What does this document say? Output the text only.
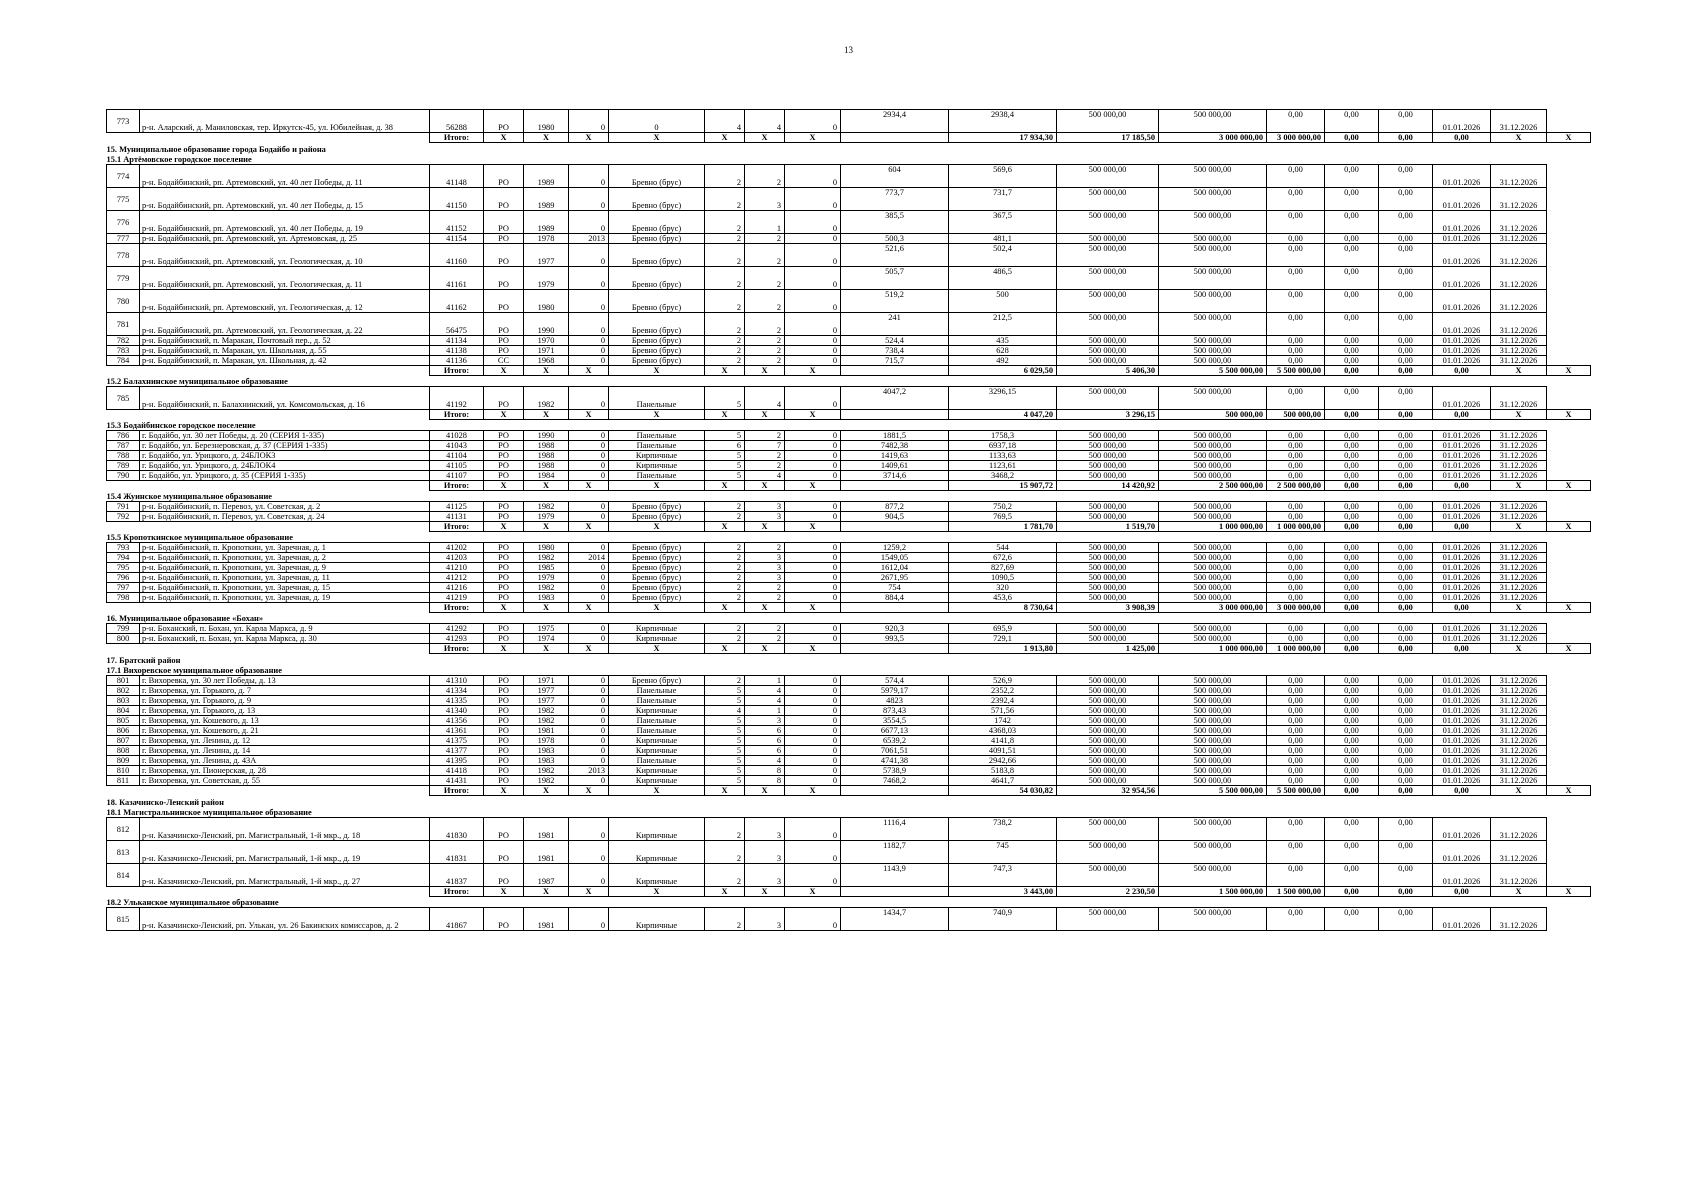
13
773	р-н. Аларский, д. Маниловская, тер. Иркутск-45, ул. Юбилейная, д. 38	56288	РО	1980	0	0	4	4	0	2934,4	2938,4	500 000,00	500 000,00	0,00	0,00	0,00	01.01.2026	31.12.2026	
		Итого:	X	X	X	X	X	X	X		17 934,30	17 185,50	3 000 000,00	3 000 000,00	0,00	0,00	0,00	X	X
15. Муниципальное образование города Бодайбо и района																			
15.1 Артёмовское городское поселение																			
774	р-н. Бодайбинский, рп. Артемовский, ул. 40 лет Победы, д. 11	41148	РО	1989	0	Бревно (брус)	2	2	0	604	569,6	500 000,00	500 000,00	0,00	0,00	0,00	01.01.2026	31.12.2026	
775	р-н. Бодайбинский, рп. Артемовский, ул. 40 лет Победы, д. 15	41150	РО	1989	0	Бревно (брус)	2	3	0	773,7	731,7	500 000,00	500 000,00	0,00	0,00	0,00	01.01.2026	31.12.2026	
776	р-н. Бодайбинский, рп. Артемовский, ул. 40 лет Победы, д. 19	41152	РО	1989	0	Бревно (брус)	2	1	0	385,5	367,5	500 000,00	500 000,00	0,00	0,00	0,00	01.01.2026	31.12.2026	
777	р-н. Бодайбинский, рп. Артемовский, ул. Артемовская, д. 25	41154	РО	1978	2013	Бревно (брус)	2	2	0	500,3	481,1	500 000,00	500 000,00	0,00	0,00	0,00	01.01.2026	31.12.2026	
778	р-н. Бодайбинский, рп. Артемовский, ул. Геологическая, д. 10	41160	РО	1977	0	Бревно (брус)	2	2	0	521,6	502,4	500 000,00	500 000,00	0,00	0,00	0,00	01.01.2026	31.12.2026	
779	р-н. Бодайбинский, рп. Артемовский, ул. Геологическая, д. 11	41161	РО	1979	0	Бревно (брус)	2	2	0	505,7	486,5	500 000,00	500 000,00	0,00	0,00	0,00	01.01.2026	31.12.2026	
780	р-н. Бодайбинский, рп. Артемовский, ул. Геологическая, д. 12	41162	РО	1980	0	Бревно (брус)	2	2	0	519,2	500	500 000,00	500 000,00	0,00	0,00	0,00	01.01.2026	31.12.2026	
781	р-н. Бодайбинский, рп. Артемовский, ул. Геологическая, д. 22	56475	РО	1990	0	Бревно (брус)	2	2	0	241	212,5	500 000,00	500 000,00	0,00	0,00	0,00	01.01.2026	31.12.2026	
782	р-н. Бодайбинский, п. Маракан, Почтовый пер., д. 52	41134	РО	1970	0	Бревно (брус)	2	2	0	524,4	435	500 000,00	500 000,00	0,00	0,00	0,00	01.01.2026	31.12.2026	
783	р-н. Бодайбинский, п. Маракан, ул. Школьная, д. 55	41138	РО	1971	0	Бревно (брус)	2	2	0	738,4	628	500 000,00	500 000,00	0,00	0,00	0,00	01.01.2026	31.12.2026	
784	р-н. Бодайбинский, п. Маракан, ул. Школьная, д. 42	41136	СС	1968	0	Бревно (брус)	2	2	0	715,7	492	500 000,00	500 000,00	0,00	0,00	0,00	01.01.2026	31.12.2026	
		Итого:	X	X	X	X	X	X	X		6 029,50	5 406,30	5 500 000,00	5 500 000,00	0,00	0,00	0,00	X	X
15.2 Балахнинское муниципальное образование																			
785	р-н. Бодайбинский, п. Балахнинский, ул. Комсомольская, д. 16	41192	РО	1982	0	Панельные	5	4	0	4047,2	3296,15	500 000,00	500 000,00	0,00	0,00	0,00	01.01.2026	31.12.2026	
		Итого:	X	X	X	X	X	X	X		4 047,20	3 296,15	500 000,00	500 000,00	0,00	0,00	0,00	X	X
15.3 Бодайбинское городское поселение																			
786	г. Бодайбо, ул. 30 лет Победы, д. 20 (СЕРИЯ 1-335)	41028	РО	1990	0	Панельные	5	2	0	1881,5	1758,3	500 000,00	500 000,00	0,00	0,00	0,00	01.01.2026	31.12.2026	
787	г. Бодайбо, ул. Березнеровская, д. 37 (СЕРИЯ 1-335)	41043	РО	1988	0	Панельные	6	7	0	7482,38	6937,18	500 000,00	500 000,00	0,00	0,00	0,00	01.01.2026	31.12.2026	
788	г. Бодайбо, ул. Урицкого, д. 24БЛОК3	41104	РО	1988	0	Кирпичные	5	2	0	1419,63	1133,63	500 000,00	500 000,00	0,00	0,00	0,00	01.01.2026	31.12.2026	
789	г. Бодайбо, ул. Урицкого, д. 24БЛОК4	41105	РО	1988	0	Кирпичные	5	2	0	1409,61	1123,61	500 000,00	500 000,00	0,00	0,00	0,00	01.01.2026	31.12.2026	
790	г. Бодайбо, ул. Урицкого, д. 35 (СЕРИЯ 1-335)	41107	РО	1984	0	Панельные	5	4	0	3714,6	3468,2	500 000,00	500 000,00	0,00	0,00	0,00	01.01.2026	31.12.2026	
		Итого:	X	X	X	X	X	X	X		15 907,72	14 420,92	2 500 000,00	2 500 000,00	0,00	0,00	0,00	X	X
15.4 Жуинское муниципальное образование																			
791	р-н. Бодайбинский, п. Перевоз, ул. Советская, д. 2	41125	РО	1982	0	Бревно (брус)	2	3	0	877,2	750,2	500 000,00	500 000,00	0,00	0,00	0,00	01.01.2026	31.12.2026	
792	р-н. Бодайбинский, п. Перевоз, ул. Советская, д. 24	41131	РО	1979	0	Бревно (брус)	2	3	0	904,5	769,5	500 000,00	500 000,00	0,00	0,00	0,00	01.01.2026	31.12.2026	
		Итого:	X	X	X	X	X	X	X		1 781,70	1 519,70	1 000 000,00	1 000 000,00	0,00	0,00	0,00	X	X
15.5 Кропоткинское муниципальное образование																			
793	р-н. Бодайбинский, п. Кропоткин, ул. Заречная, д. 1	41202	РО	1980	0	Бревно (брус)	2	2	0	1259,2	544	500 000,00	500 000,00	0,00	0,00	0,00	01.01.2026	31.12.2026	
794	р-н. Бодайбинский, п. Кропоткин, ул. Заречная, д. 2	41203	РО	1982	2014	Бревно (брус)	2	3	0	1549,05	672,6	500 000,00	500 000,00	0,00	0,00	0,00	01.01.2026	31.12.2026	
795	р-н. Бодайбинский, п. Кропоткин, ул. Заречная, д. 9	41210	РО	1985	0	Бревно (брус)	2	3	0	1612,04	827,69	500 000,00	500 000,00	0,00	0,00	0,00	01.01.2026	31.12.2026	
796	р-н. Бодайбинский, п. Кропоткин, ул. Заречная, д. 11	41212	РО	1979	0	Бревно (брус)	2	3	0	2671,95	1090,5	500 000,00	500 000,00	0,00	0,00	0,00	01.01.2026	31.12.2026	
797	р-н. Бодайбинский, п. Кропоткин, ул. Заречная, д. 15	41216	РО	1982	0	Бревно (брус)	2	2	0	754	320	500 000,00	500 000,00	0,00	0,00	0,00	01.01.2026	31.12.2026	
798	р-н. Бодайбинский, п. Кропоткин, ул. Заречная, д. 19	41219	РО	1983	0	Бревно (брус)	2	2	0	884,4	453,6	500 000,00	500 000,00	0,00	0,00	0,00	01.01.2026	31.12.2026	
		Итого:	X	X	X	X	X	X	X		8 730,64	3 908,39	3 000 000,00	3 000 000,00	0,00	0,00	0,00	X	X
16. Муниципальное образование «Бохан»																			
799	р-н. Боханский, п. Бохан, ул. Карла Маркса, д. 9	41292	РО	1975	0	Кирпичные	2	2	0	920,3	695,9	500 000,00	500 000,00	0,00	0,00	0,00	01.01.2026	31.12.2026	
800	р-н. Боханский, п. Бохан, ул. Карла Маркса, д. 30	41293	РО	1974	0	Кирпичные	2	2	0	993,5	729,1	500 000,00	500 000,00	0,00	0,00	0,00	01.01.2026	31.12.2026	
		Итого:	X	X	X	X	X	X	X		1 913,80	1 425,00	1 000 000,00	1 000 000,00	0,00	0,00	0,00	X	X
17. Братский район																			
17.1 Вихоревское муниципальное образование																			
801	г. Вихоревка, ул. 30 лет Победы, д. 13	41310	РО	1971	0	Бревно (брус)	2	1	0	574,4	526,9	500 000,00	500 000,00	0,00	0,00	0,00	01.01.2026	31.12.2026	
802	г. Вихоревка, ул. Горького, д. 7	41334	РО	1977	0	Панельные	5	4	0	5979,17	2352,2	500 000,00	500 000,00	0,00	0,00	0,00	01.01.2026	31.12.2026	
803	г. Вихоревка, ул. Горького, д. 9	41335	РО	1977	0	Панельные	5	4	0	4823	2392,4	500 000,00	500 000,00	0,00	0,00	0,00	01.01.2026	31.12.2026	
804	г. Вихоревка, ул. Горького, д. 13	41340	РО	1982	0	Кирпичные	4	1	0	873,43	571,56	500 000,00	500 000,00	0,00	0,00	0,00	01.01.2026	31.12.2026	
805	г. Вихоревка, ул. Кошевого, д. 13	41356	РО	1982	0	Панельные	5	3	0	3554,5	1742	500 000,00	500 000,00	0,00	0,00	0,00	01.01.2026	31.12.2026	
806	г. Вихоревка, ул. Кошевого, д. 21	41361	РО	1981	0	Панельные	5	6	0	6677,13	4368,03	500 000,00	500 000,00	0,00	0,00	0,00	01.01.2026	31.12.2026	
807	г. Вихоревка, ул. Ленина, д. 12	41375	РО	1978	0	Кирпичные	5	6	0	6539,2	4141,8	500 000,00	500 000,00	0,00	0,00	0,00	01.01.2026	31.12.2026	
808	г. Вихоревка, ул. Ленина, д. 14	41377	РО	1983	0	Кирпичные	5	6	0	7061,51	4091,51	500 000,00	500 000,00	0,00	0,00	0,00	01.01.2026	31.12.2026	
809	г. Вихоревка, ул. Ленина, д. 43А	41395	РО	1983	0	Панельные	5	4	0	4741,38	2942,66	500 000,00	500 000,00	0,00	0,00	0,00	01.01.2026	31.12.2026	
810	г. Вихоревка, ул. Пионерская, д. 28	41418	РО	1982	2013	Кирпичные	5	8	0	5738,9	5183,8	500 000,00	500 000,00	0,00	0,00	0,00	01.01.2026	31.12.2026	
811	г. Вихоревка, ул. Советская, д. 55	41431	РО	1982	0	Кирпичные	5	8	0	7468,2	4641,7	500 000,00	500 000,00	0,00	0,00	0,00	01.01.2026	31.12.2026	
		Итого:	X	X	X	X	X	X	X		54 030,82	32 954,56	5 500 000,00	5 500 000,00	0,00	0,00	0,00	X	X
18. Казачинско-Ленский район																			
18.1 Магистральнинское муниципальное образование																			
812	р-н. Казачинско-Ленский, рп. Магистральный, 1-й мкр., д. 18	41830	РО	1981	0	Кирпичные	2	3	0	1116,4	738,2	500 000,00	500 000,00	0,00	0,00	0,00	01.01.2026	31.12.2026	
813	р-н. Казачинско-Ленский, рп. Магистральный, 1-й мкр., д. 19	41831	РО	1981	0	Кирпичные	2	3	0	1182,7	745	500 000,00	500 000,00	0,00	0,00	0,00	01.01.2026	31.12.2026	
814	р-н. Казачинско-Ленский, рп. Магистральный, 1-й мкр., д. 27	41837	РО	1987	0	Кирпичные	2	3	0	1143,9	747,3	500 000,00	500 000,00	0,00	0,00	0,00	01.01.2026	31.12.2026	
		Итого:	X	X	X	X	X	X	X		3 443,00	2 230,50	1 500 000,00	1 500 000,00	0,00	0,00	0,00	X	X
18.2 Ульканское муниципальное образование																			
815	р-н. Казачинско-Ленский, рп. Улькан, ул. 26 Бакинских комиссаров, д. 2	41867	РО	1981	0	Кирпичные	2	3	0	1434,7	740,9	500 000,00	500 000,00	0,00	0,00	0,00	01.01.2026	31.12.2026	
